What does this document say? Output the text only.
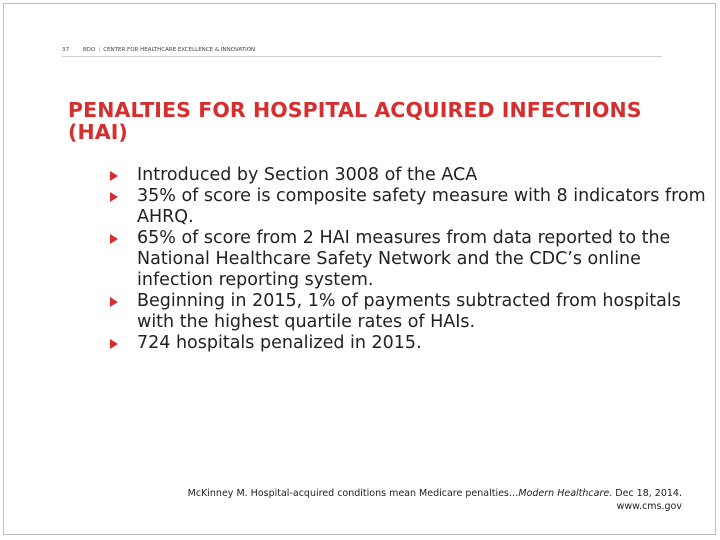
37 BDO | CENTER FOR HEALTHCARE EXCELLENCE & INNOVATION
PENALTIES FOR HOSPITAL ACQUIRED INFECTIONS (HAI)
Introduced by Section 3008 of the ACA
35% of score is composite safety measure with 8 indicators from AHRQ.
65% of score from 2 HAI measures from data reported to the National Healthcare Safety Network and the CDC’s online infection reporting system.
Beginning in 2015, 1% of payments subtracted from hospitals with the highest quartile rates of HAIs.
724 hospitals penalized in 2015.
McKinney M. Hospital-acquired conditions mean Medicare penalties…Modern Healthcare. Dec 18, 2014.
www.cms.gov
